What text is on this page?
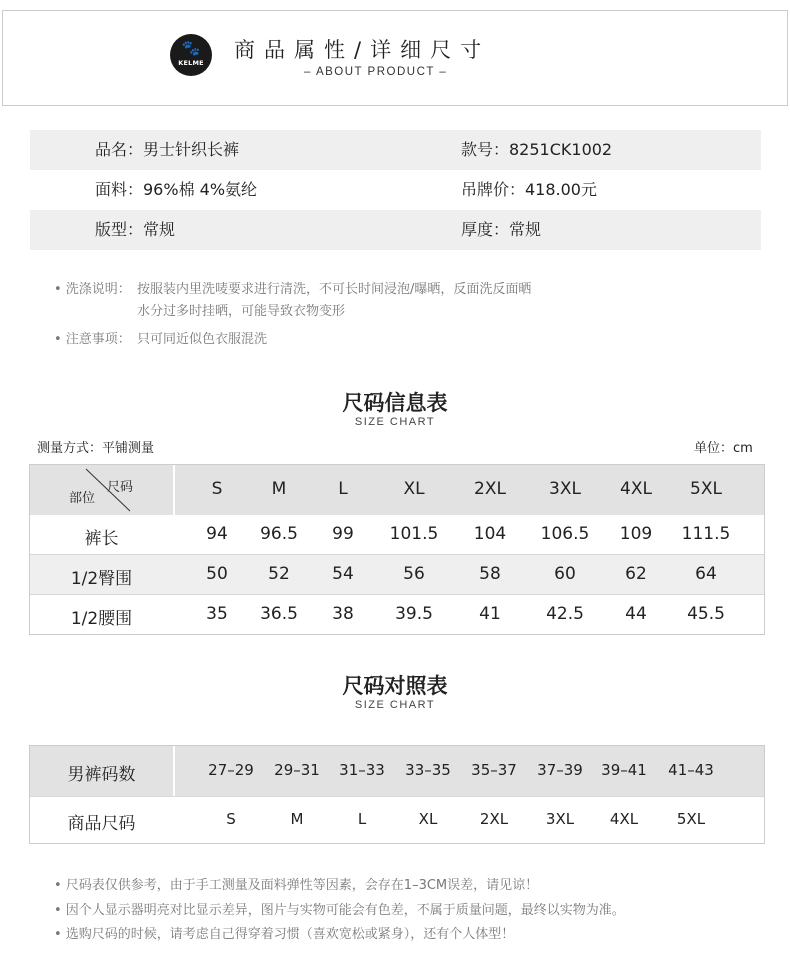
🐾
KELME
商品属性/详细尺寸
– ABOUT PRODUCT –
品名：男士针织长裤	款号：8251CK1002
面料：96%棉 4%氨纶	吊牌价：418.00元
版型：常规	厚度：常规
• 洗涤说明： 按服装内里洗唛要求进行清洗，不可长时间浸泡/曝晒，反面洗反面晒
水分过多时挂晒，可能导致衣物变形
• 注意事项： 只可同近似色衣服混洗
尺码信息表
SIZE CHART
测量方式：平铺测量	单位：cm
尺码
部位	S	M	L	XL	2XL	3XL	4XL	5XL
裤长	94	96.5	99	101.5	104	106.5	109	111.5
1/2臀围	50	52	54	56	58	60	62	64
1/2腰围	35	36.5	38	39.5	41	42.5	44	45.5
尺码对照表
SIZE CHART
男裤码数	27–29	29–31	31–33	33–35	35–37	37–39	39–41	41–43
商品尺码	S	M	L	XL	2XL	3XL	4XL	5XL
• 尺码表仅供参考，由于手工测量及面料弹性等因素，会存在1–3CM误差，请见谅！
• 因个人显示器明亮对比显示差异，图片与实物可能会有色差，不属于质量问题，最终以实物为准。
• 选购尺码的时候，请考虑自己得穿着习惯（喜欢宽松或紧身），还有个人体型！
